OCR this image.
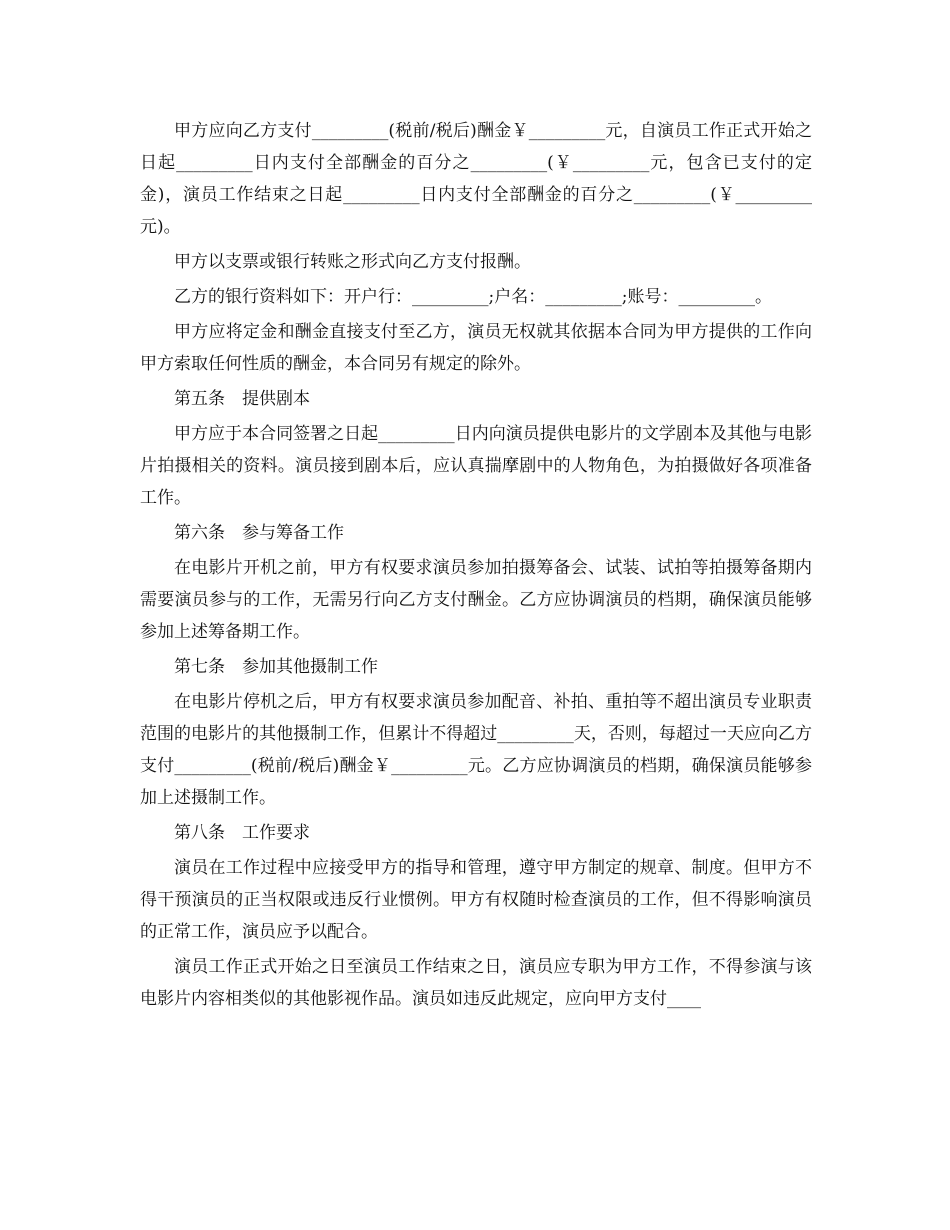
甲方应向乙方支付_________(税前/税后)酬金￥_________元，自演员工作正式开始之日起_________日内支付全部酬金的百分之_________(￥_________元，包含已支付的定金)，演员工作结束之日起_________日内支付全部酬金的百分之_________(￥_________元)。

甲方以支票或银行转账之形式向乙方支付报酬。

乙方的银行资料如下：开户行：_________;户名：_________;账号：_________。

甲方应将定金和酬金直接支付至乙方，演员无权就其依据本合同为甲方提供的工作向甲方索取任何性质的酬金，本合同另有规定的除外。

第五条　提供剧本

甲方应于本合同签署之日起_________日内向演员提供电影片的文学剧本及其他与电影片拍摄相关的资料。演员接到剧本后，应认真揣摩剧中的人物角色，为拍摄做好各项准备工作。

第六条　参与筹备工作

在电影片开机之前，甲方有权要求演员参加拍摄筹备会、试装、试拍等拍摄筹备期内需要演员参与的工作，无需另行向乙方支付酬金。乙方应协调演员的档期，确保演员能够参加上述筹备期工作。

第七条　参加其他摄制工作

在电影片停机之后，甲方有权要求演员参加配音、补拍、重拍等不超出演员专业职责范围的电影片的其他摄制工作，但累计不得超过_________天，否则，每超过一天应向乙方支付_________(税前/税后)酬金￥_________元。乙方应协调演员的档期，确保演员能够参加上述摄制工作。

第八条　工作要求

演员在工作过程中应接受甲方的指导和管理，遵守甲方制定的规章、制度。但甲方不得干预演员的正当权限或违反行业惯例。甲方有权随时检查演员的工作，但不得影响演员的正常工作，演员应予以配合。

演员工作正式开始之日至演员工作结束之日，演员应专职为甲方工作，不得参演与该电影片内容相类似的其他影视作品。演员如违反此规定，应向甲方支付____
